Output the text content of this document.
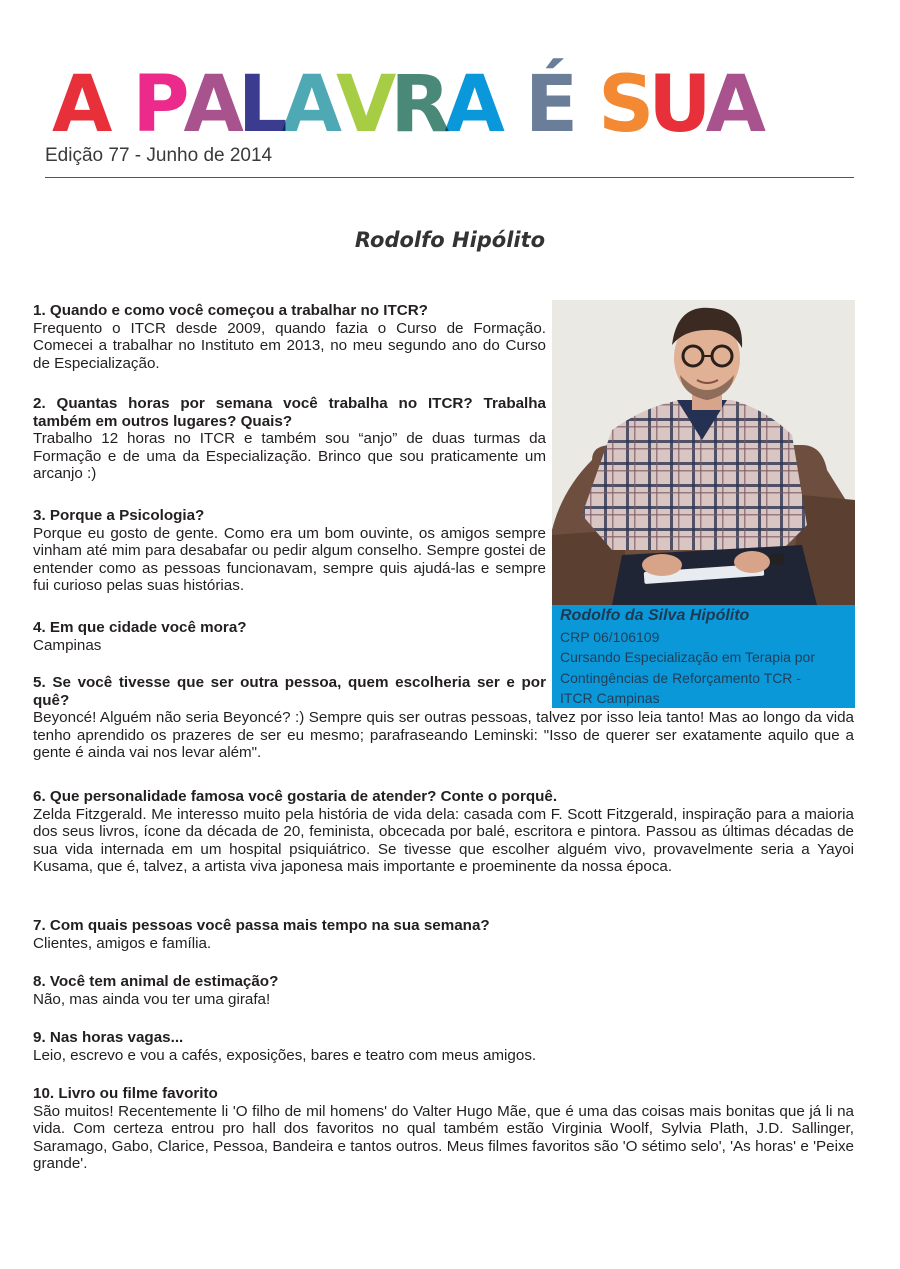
A P A L A V R A É S U A
Edição 77 - Junho de 2014
Rodolfo Hipólito
Rodolfo da Silva Hipólito
CRP 06/106109
Cursando Especialização em Terapia por
Contingências de Reforçamento TCR -
ITCR Campinas
1. Quando e como você começou a trabalhar no ITCR?
Frequento o ITCR desde 2009, quando fazia o Curso de Formação. Comecei a trabalhar no Instituto em 2013, no meu segundo ano do Curso de Especialização.
2. Quantas horas por semana você trabalha no ITCR? Trabalha também em outros lugares? Quais?
Trabalho 12 horas no ITCR e também sou “anjo” de duas turmas da Formação e de uma da Especialização. Brinco que sou praticamente um arcanjo :)
3. Porque a Psicologia?
Porque eu gosto de gente. Como era um bom ouvinte, os amigos sempre vinham até mim para desabafar ou pedir algum conselho. Sempre gostei de entender como as pessoas funcionavam, sempre quis ajudá-las e sempre fui curioso pelas suas histórias.
4. Em que cidade você mora?
Campinas
5. Se você tivesse que ser outra pessoa, quem escolheria ser e por quê?
Beyoncé! Alguém não seria Beyoncé? :) Sempre quis ser outras pessoas, talvez por isso leia tanto! Mas ao longo da vida tenho aprendido os prazeres de ser eu mesmo; parafraseando Leminski: "Isso de querer ser exatamente aquilo que a gente é ainda vai nos levar além".
6. Que personalidade famosa você gostaria de atender? Conte o porquê.
Zelda Fitzgerald. Me interesso muito pela história de vida dela: casada com F. Scott Fitzgerald, inspiração para a maioria dos seus livros, ícone da década de 20, feminista, obcecada por balé, escritora e pintora. Passou as últimas décadas de sua vida internada em um hospital psiquiátrico. Se tivesse que escolher alguém vivo, provavelmente seria a Yayoi Kusama, que é, talvez, a artista viva japonesa mais importante e proeminente da nossa época.
7. Com quais pessoas você passa mais tempo na sua semana?
Clientes, amigos e família.
8. Você tem animal de estimação?
Não, mas ainda vou ter uma girafa!
9. Nas horas vagas...
Leio, escrevo e vou a cafés, exposições, bares e teatro com meus amigos.
10. Livro ou filme favorito
São muitos! Recentemente li 'O filho de mil homens' do Valter Hugo Mãe, que é uma das coisas mais bonitas que já li na vida. Com certeza entrou pro hall dos favoritos no qual também estão Virginia Woolf, Sylvia Plath, J.D. Sallinger, Saramago, Gabo, Clarice, Pessoa, Bandeira e tantos outros. Meus filmes favoritos são 'O sétimo selo', 'As horas' e 'Peixe grande'.
